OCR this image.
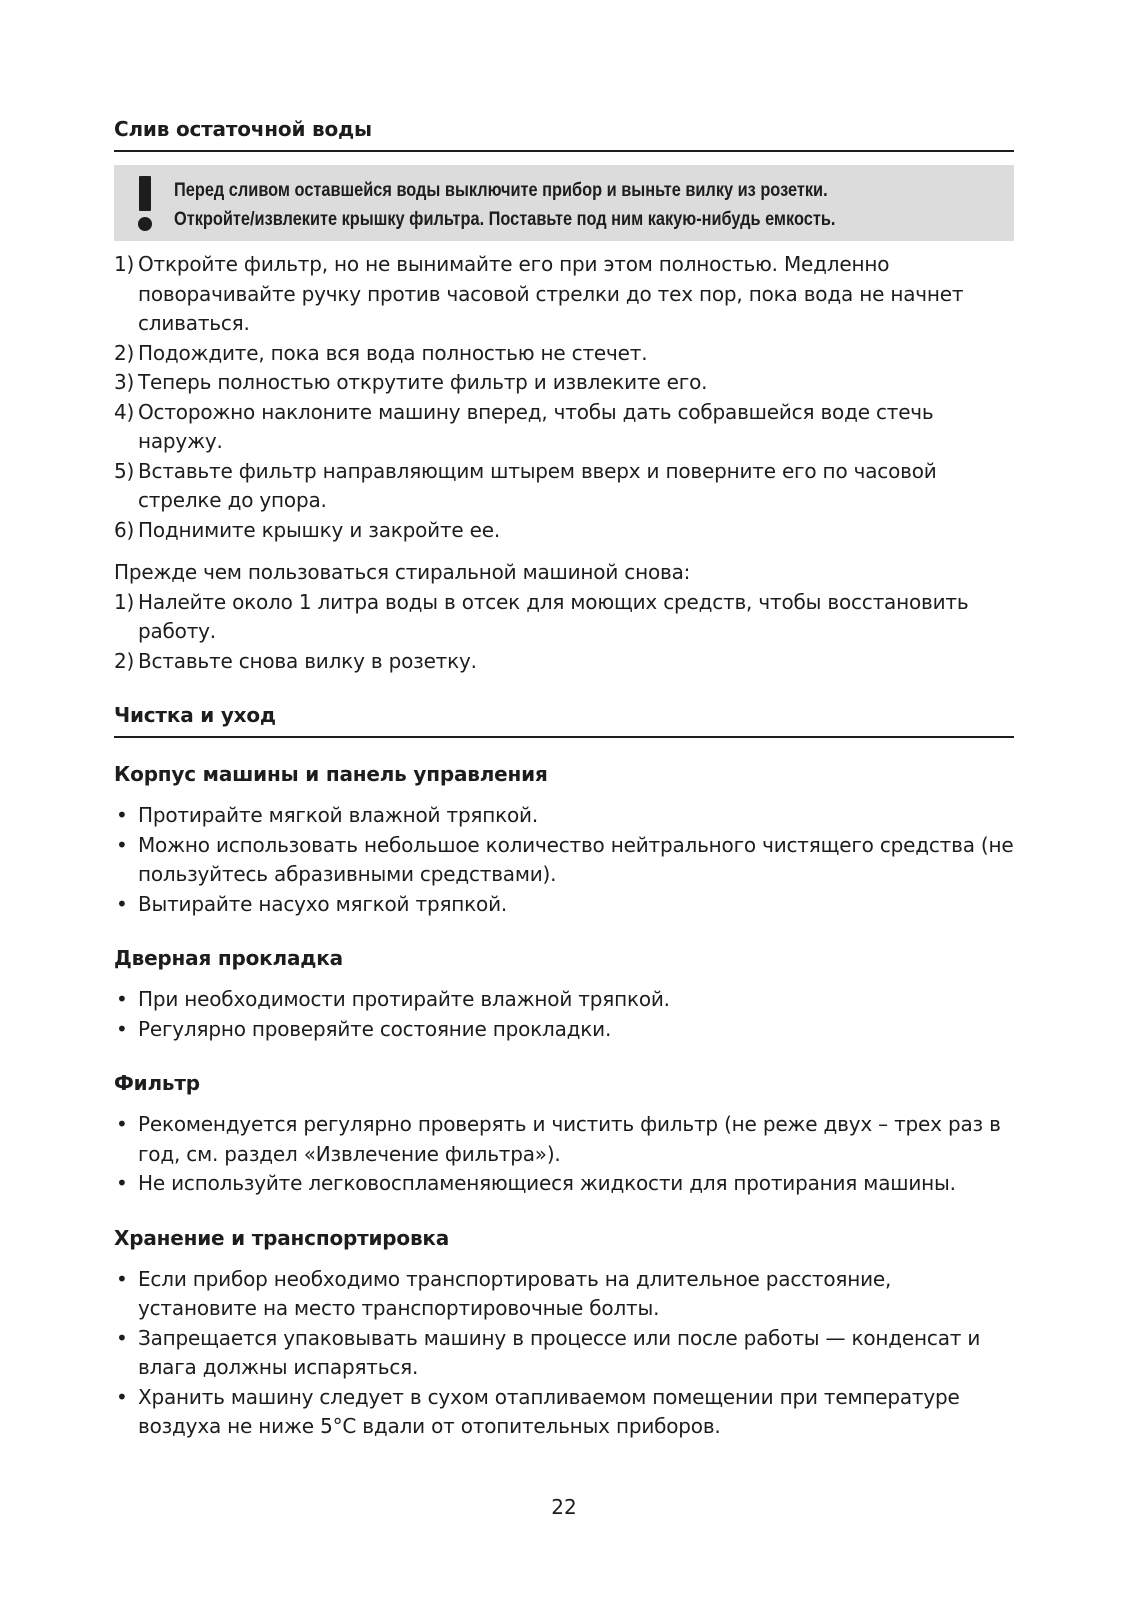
Слив остаточной воды
Перед сливом оставшейся воды выключите прибор и выньте вилку из розетки.
Откройте/извлеките крышку фильтра. Поставьте под ним какую-нибудь емкость.
1) Откройте фильтр, но не вынимайте его при этом полностью. Медленно поворачивайте ручку против часовой стрелки до тех пор, пока вода не начнет сливаться.
2) Подождите, пока вся вода полностью не стечет.
3) Теперь полностью открутите фильтр и извлеките его.
4) Осторожно наклоните машину вперед, чтобы дать собравшейся воде стечь наружу.
5) Вставьте фильтр направляющим штырем вверх и поверните его по часовой стрелке до упора.
6) Поднимите крышку и закройте ее.

Прежде чем пользоваться стиральной машиной снова:

1) Налейте около 1 литра воды в отсек для моющих средств, чтобы восстановить работу.
2) Вставьте снова вилку в розетку.
Чистка и уход
Корпус машины и панель управления
• Протирайте мягкой влажной тряпкой.
• Можно использовать небольшое количество нейтрального чистящего средства (не пользуйтесь абразивными средствами).
• Вытирайте насухо мягкой тряпкой.
Дверная прокладка
• При необходимости протирайте влажной тряпкой.
• Регулярно проверяйте состояние прокладки.
Фильтр
• Рекомендуется регулярно проверять и чистить фильтр (не реже двух – трех раз в год, см. раздел «Извлечение фильтра»).
• Не используйте легковоспламеняющиеся жидкости для протирания машины.
Хранение и транспортировка
• Если прибор необходимо транспортировать на длительное расстояние, установите на место транспортировочные болты.
• Запрещается упаковывать машину в процессе или после работы — конденсат и влага должны испаряться.
• Хранить машину следует в сухом отапливаемом помещении при температуре воздуха не ниже 5°C вдали от отопительных приборов.
22
